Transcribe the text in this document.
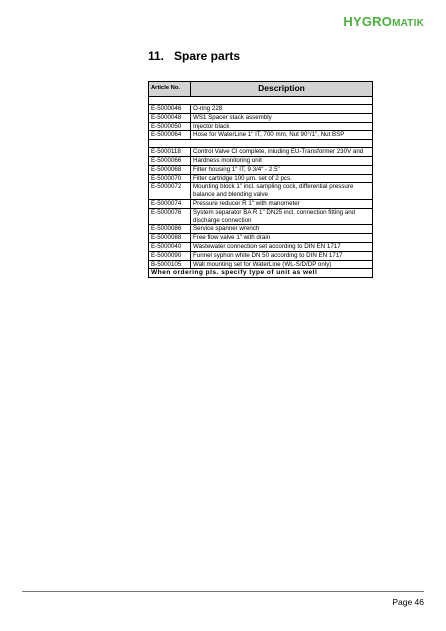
HYGROMATIK
11. Spare parts
Article No.	Description

E-5000046	O-ring 228
E-5000048	WS1 Spacer stack assembly
E-5000050	Injector black
E-5000064	Hose for WaterLine 1" IT, 700 mm, Nut 90°/1", Nut BSP

E-5000118	Control Valve CI complete, inluding EU-Transformer 230V and
E-5000066	Hardness monitoring unit
E-5000068	Filter housing 1" IT, 9 3/4" - 2.5"
E-5000070	Filter cartridge 100 µm. set of 2 pcs.
E-5000072	Mounting block 1" incl. sampling cock, differential pressure balance and blending valve
E-5000074	Pressure reducer R 1" with manometer
E-5000076	System separator BA R 1" DN25 incl. connection fitting and discharge connection
E-5000086	Service spanner wrench
E-5000088	Free flow valve 1" with drain
E-5000040	Wastewater connection set according to DIN EN 1717
E-5000090	Funnel syphon white DN 50 according to DIN EN 1717
B-5000105	Wall mounting set for WaterLine (WL-S/D/DP only)
When ordering pls. specify type of unit as well	
Page 46
